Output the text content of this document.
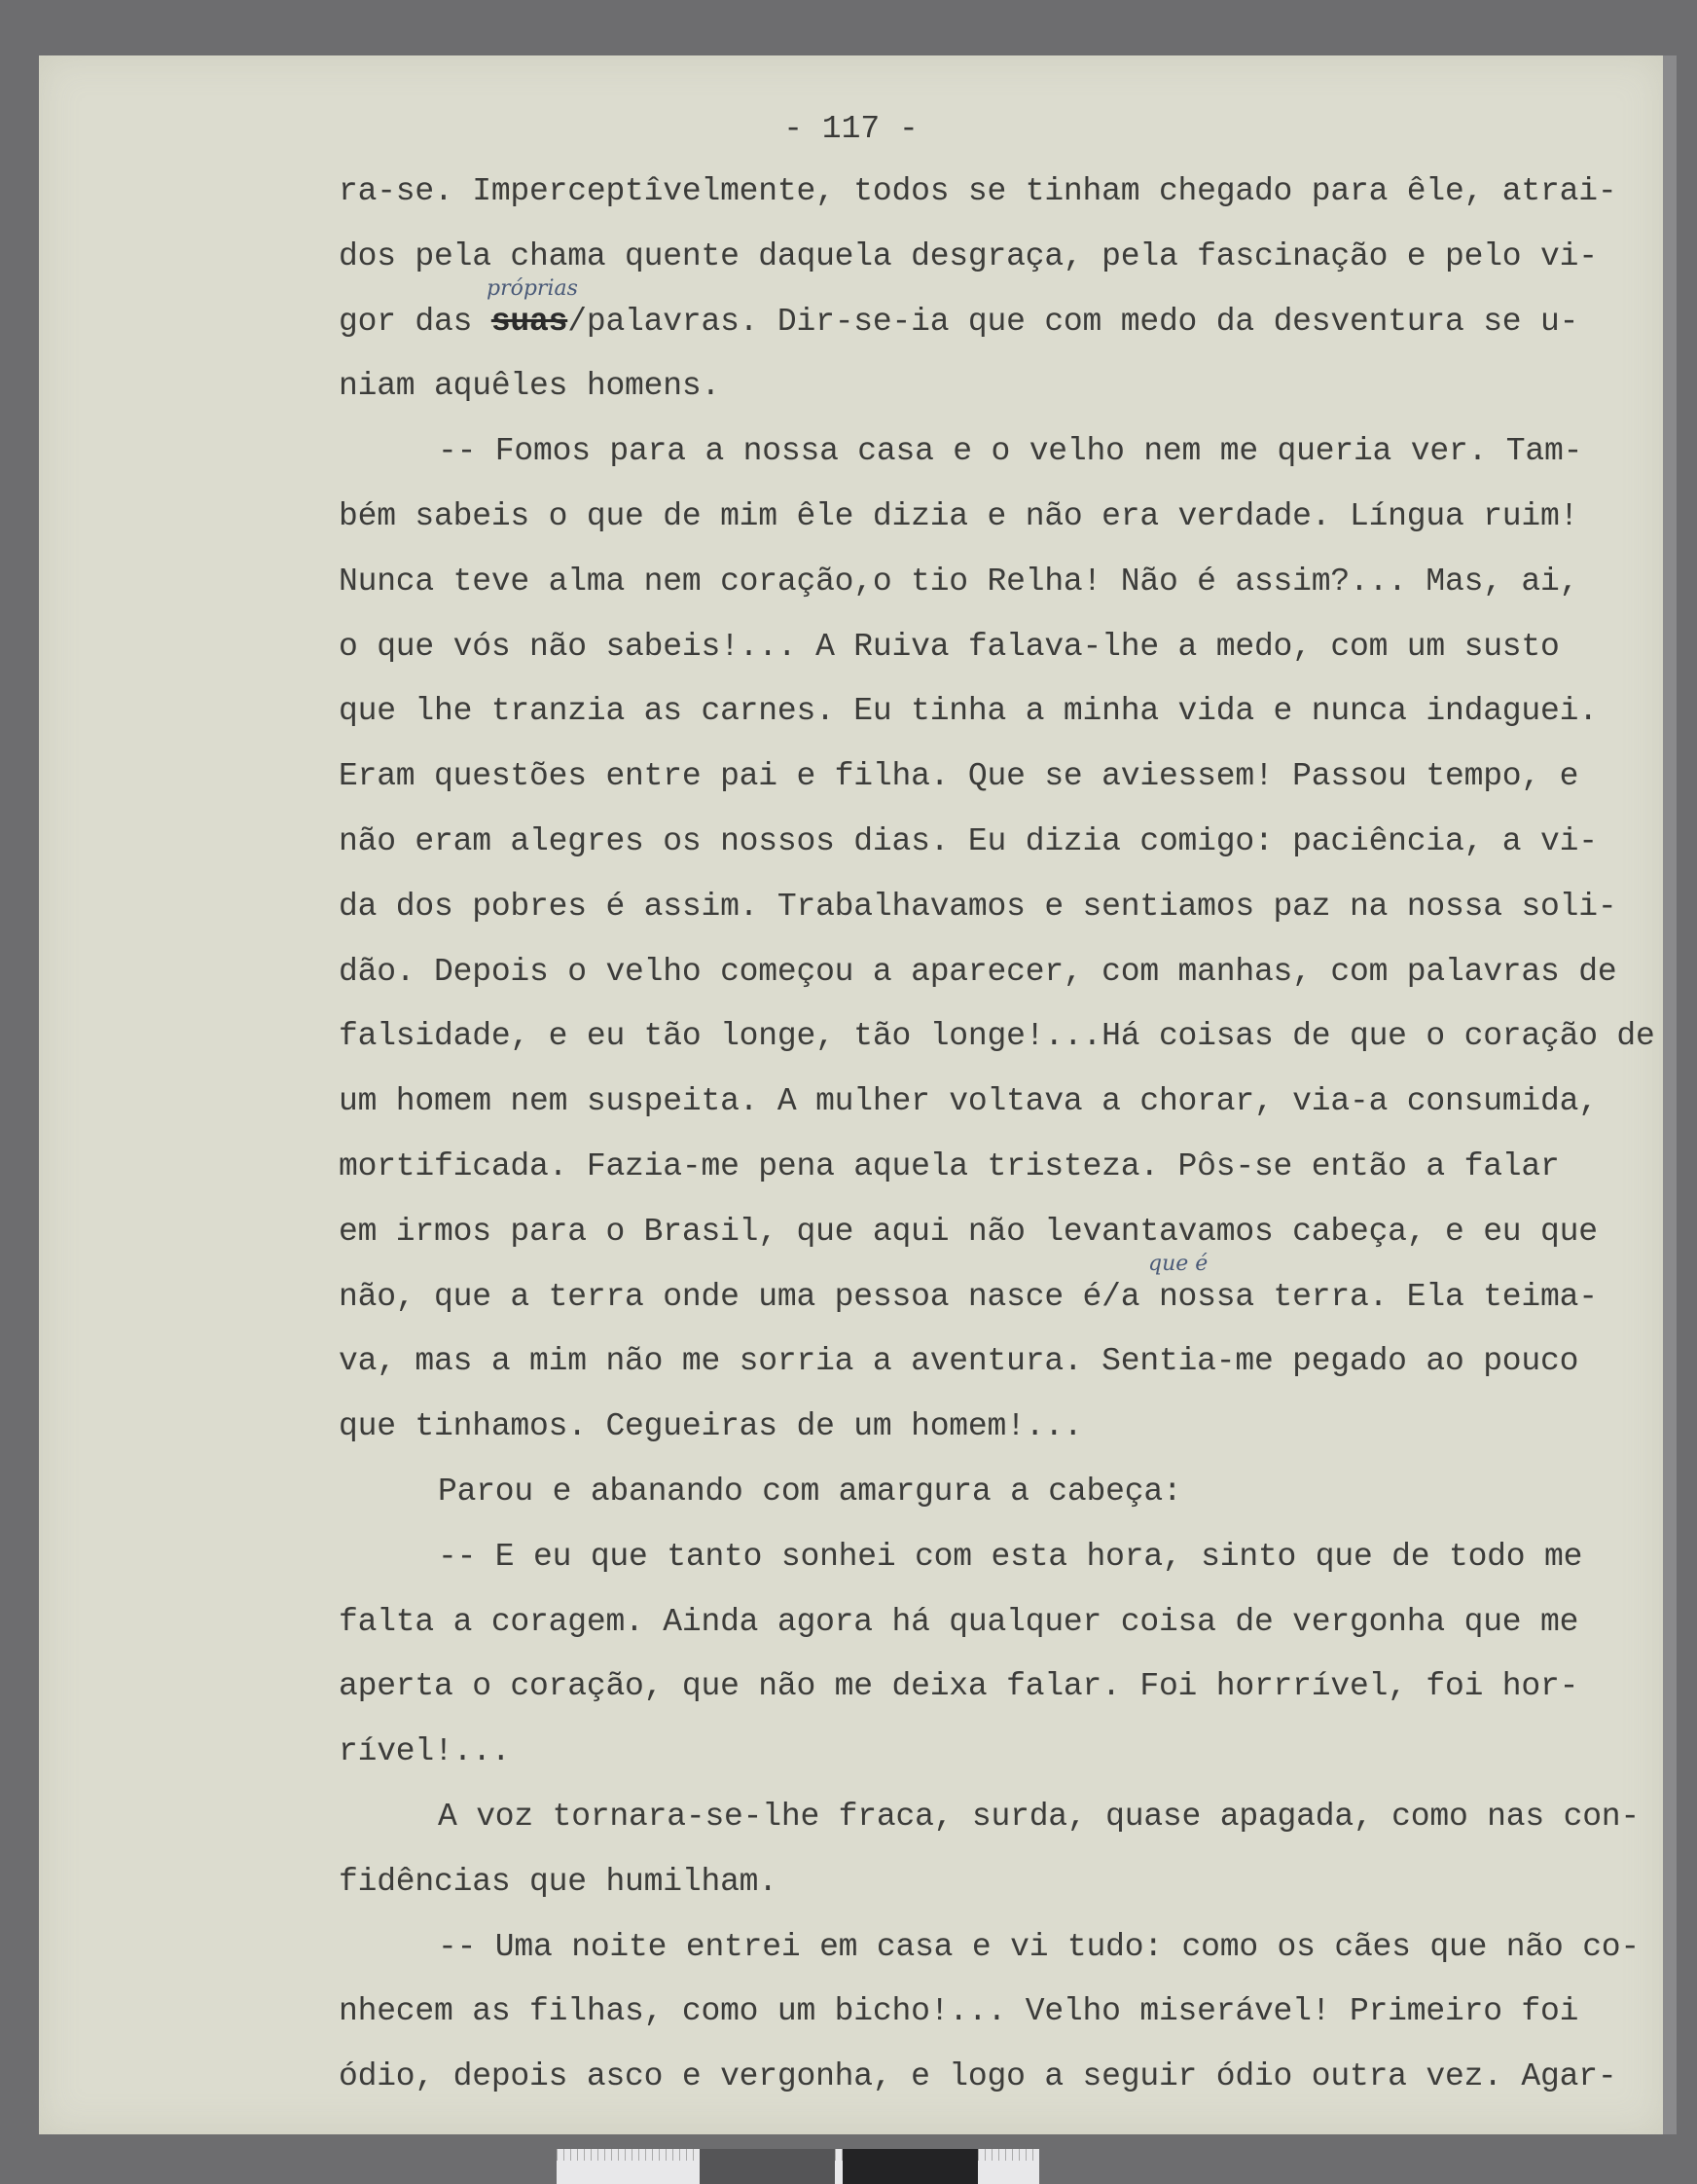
- 117 -
ra-se. Imperceptîvelmente, todos se tinham chegado para êle, atrai-
dos pela chama quente daquela desgraça, pela fascinação e pelo vi-
gor das suas/palavras. Dir-se-ia que com medo da desventura se u-
niam aquêles homens.
-- Fomos para a nossa casa e o velho nem me queria ver. Tam-
bém sabeis o que de mim êle dizia e não era verdade. Língua ruim!
Nunca teve alma nem coração,o tio Relha! Não é assim?... Mas, ai,
o que vós não sabeis!... A Ruiva falava-lhe a medo, com um susto
que lhe tranzia as carnes. Eu tinha a minha vida e nunca indaguei.
Eram questões entre pai e filha. Que se aviessem! Passou tempo, e
não eram alegres os nossos dias. Eu dizia comigo: paciência, a vi-
da dos pobres é assim. Trabalhavamos e sentiamos paz na nossa soli-
dão. Depois o velho começou a aparecer, com manhas, com palavras de
falsidade, e eu tão longe, tão longe!...Há coisas de que o coração de
um homem nem suspeita. A mulher voltava a chorar, via-a consumida,
mortificada. Fazia-me pena aquela tristeza. Pôs-se então a falar
em irmos para o Brasil, que aqui não levantavamos cabeça, e eu que
não, que a terra onde uma pessoa nasce é/a nossa terra. Ela teima-
va, mas a mim não me sorria a aventura. Sentia-me pegado ao pouco
que tinhamos. Cegueiras de um homem!...
Parou e abanando com amargura a cabeça:
-- E eu que tanto sonhei com esta hora, sinto que de todo me
falta a coragem. Ainda agora há qualquer coisa de vergonha que me
aperta o coração, que não me deixa falar. Foi horrrível, foi hor-
rível!...
A voz tornara-se-lhe fraca, surda, quase apagada, como nas con-
fidências que humilham.
-- Uma noite entrei em casa e vi tudo: como os cães que não co-
nhecem as filhas, como um bicho!... Velho miserável! Primeiro foi
ódio, depois asco e vergonha, e logo a seguir ódio outra vez. Agar-
próprias
que é
